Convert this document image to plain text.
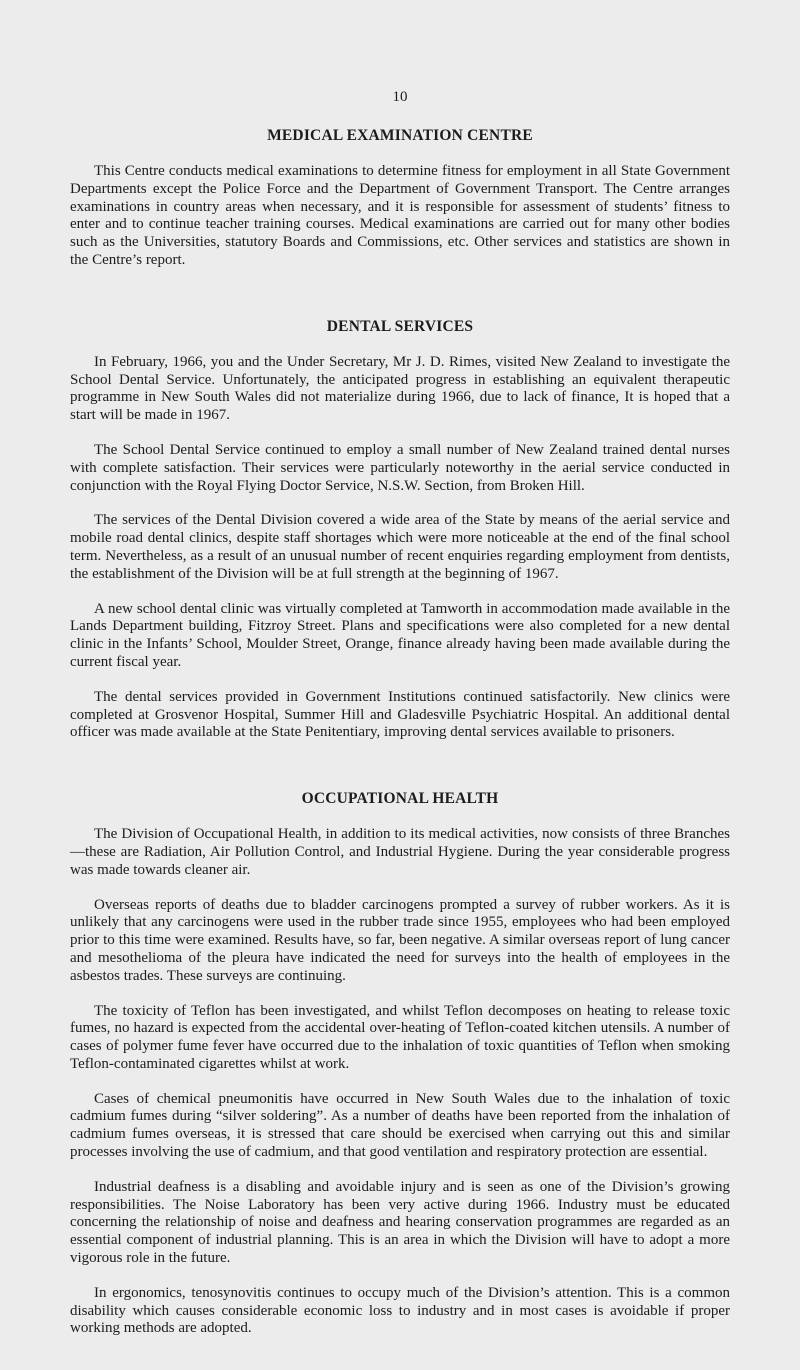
10
MEDICAL EXAMINATION CENTRE

This Centre conducts medical examinations to determine fitness for employment in all State Government Departments except the Police Force and the Department of Government Transport. The Centre arranges examinations in country areas when necessary, and it is responsible for assessment of students’ fitness to enter and to continue teacher training courses. Medical examinations are carried out for many other bodies such as the Universities, statutory Boards and Commissions, etc. Other services and statistics are shown in the Centre’s report.

DENTAL SERVICES

In February, 1966, you and the Under Secretary, Mr J. D. Rimes, visited New Zealand to investigate the School Dental Service. Unfortunately, the anticipated progress in establishing an equivalent therapeutic programme in New South Wales did not materialize during 1966, due to lack of finance, It is hoped that a start will be made in 1967.

The School Dental Service continued to employ a small number of New Zealand trained dental nurses with complete satisfaction. Their services were particularly noteworthy in the aerial service conducted in conjunction with the Royal Flying Doctor Service, N.S.W. Section, from Broken Hill.

The services of the Dental Division covered a wide area of the State by means of the aerial service and mobile road dental clinics, despite staff shortages which were more noticeable at the end of the final school term. Nevertheless, as a result of an unusual number of recent enquiries regarding employment from dentists, the establishment of the Division will be at full strength at the beginning of 1967.

A new school dental clinic was virtually completed at Tamworth in accommodation made available in the Lands Department building, Fitzroy Street. Plans and specifications were also completed for a new dental clinic in the Infants’ School, Moulder Street, Orange, finance already having been made available during the current fiscal year.

The dental services provided in Government Institutions continued satisfactorily. New clinics were completed at Grosvenor Hospital, Summer Hill and Gladesville Psychiatric Hospital. An additional dental officer was made available at the State Penitentiary, improving dental services available to prisoners.

OCCUPATIONAL HEALTH

The Division of Occupational Health, in addition to its medical activities, now consists of three Branches—these are Radiation, Air Pollution Control, and Industrial Hygiene. During the year considerable progress was made towards cleaner air.

Overseas reports of deaths due to bladder carcinogens prompted a survey of rubber workers. As it is unlikely that any carcinogens were used in the rubber trade since 1955, employees who had been employed prior to this time were examined. Results have, so far, been negative. A similar overseas report of lung cancer and mesothelioma of the pleura have indicated the need for surveys into the health of employees in the asbestos trades. These surveys are continuing.

The toxicity of Teflon has been investigated, and whilst Teflon decomposes on heating to release toxic fumes, no hazard is expected from the accidental over-heating of Teflon-coated kitchen utensils. A number of cases of polymer fume fever have occurred due to the inhalation of toxic quantities of Teflon when smoking Teflon-contaminated cigarettes whilst at work.

Cases of chemical pneumonitis have occurred in New South Wales due to the inhalation of toxic cadmium fumes during “silver soldering”. As a number of deaths have been reported from the inhalation of cadmium fumes overseas, it is stressed that care should be exercised when carrying out this and similar processes involving the use of cadmium, and that good ventilation and respiratory protection are essential.

Industrial deafness is a disabling and avoidable injury and is seen as one of the Division’s growing responsibilities. The Noise Laboratory has been very active during 1966. Industry must be educated concerning the relationship of noise and deafness and hearing conservation programmes are regarded as an essential component of industrial planning. This is an area in which the Division will have to adopt a more vigorous role in the future.

In ergonomics, tenosynovitis continues to occupy much of the Division’s attention. This is a common disability which causes considerable economic loss to industry and in most cases is avoidable if proper working methods are adopted.
